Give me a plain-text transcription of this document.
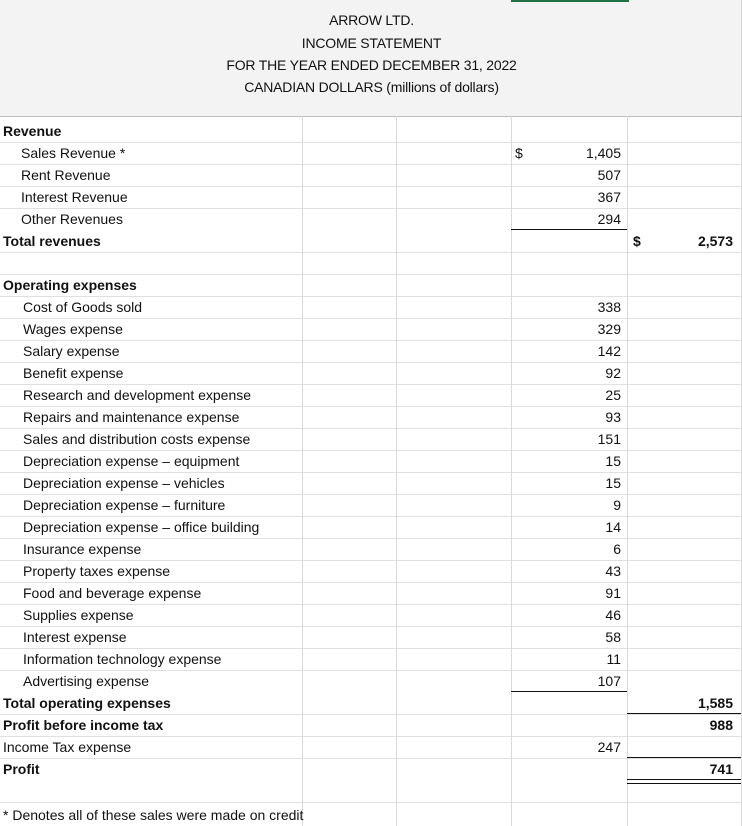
ARROW LTD.
INCOME STATEMENT
FOR THE YEAR ENDED DECEMBER 31, 2022
CANADIAN DOLLARS (millions of dollars)
Revenue
Sales Revenue *	$	1,405
Rent Revenue	507
Interest Revenue	367
Other Revenues	294
Total revenues	$	2,573
Operating expenses
Cost of Goods sold	338
Wages expense	329
Salary expense	142
Benefit expense	92
Research and development expense	25
Repairs and maintenance expense	93
Sales and distribution costs expense	151
Depreciation expense – equipment	15
Depreciation expense – vehicles	15
Depreciation expense – furniture	9
Depreciation expense – office building	14
Insurance expense	6
Property taxes expense	43
Food and beverage expense	91
Supplies expense	46
Interest expense	58
Information technology expense	11
Advertising expense	107
Total operating expenses	1,585
Profit before income tax	988
Income Tax expense	247
Profit	741
* Denotes all of these sales were made on credit
